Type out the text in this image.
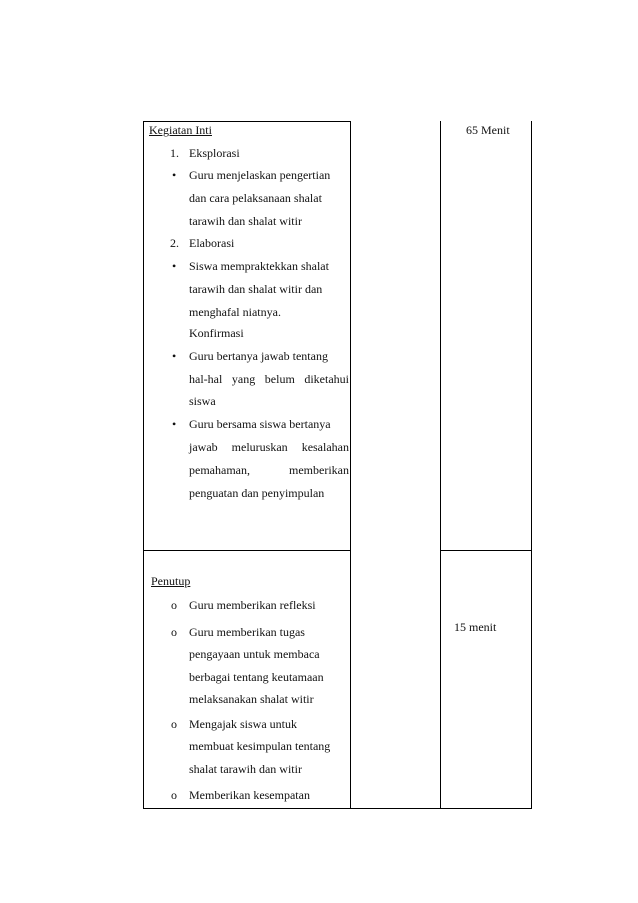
Kegiatan Inti	65 Menit
1. Eksplorasi
• Guru menjelaskan pengertian
dan cara pelaksanaan shalat
tarawih dan shalat witir
2. Elaborasi
• Siswa mempraktekkan shalat
tarawih dan shalat witir dan
menghafal niatnya.
Konfirmasi
• Guru bertanya jawab tentang
hal-hal yang belum diketahui
siswa
• Guru bersama siswa bertanya
jawab meluruskan kesalahan
pemahaman,	memberikan
penguatan dan penyimpulan
Penutup
15 menit
o Guru memberikan refleksi
o Guru memberikan tugas
pengayaan untuk membaca
berbagai tentang keutamaan
melaksanakan shalat witir
o Mengajak siswa untuk
membuat kesimpulan tentang
shalat tarawih dan witir
o Memberikan kesempatan
